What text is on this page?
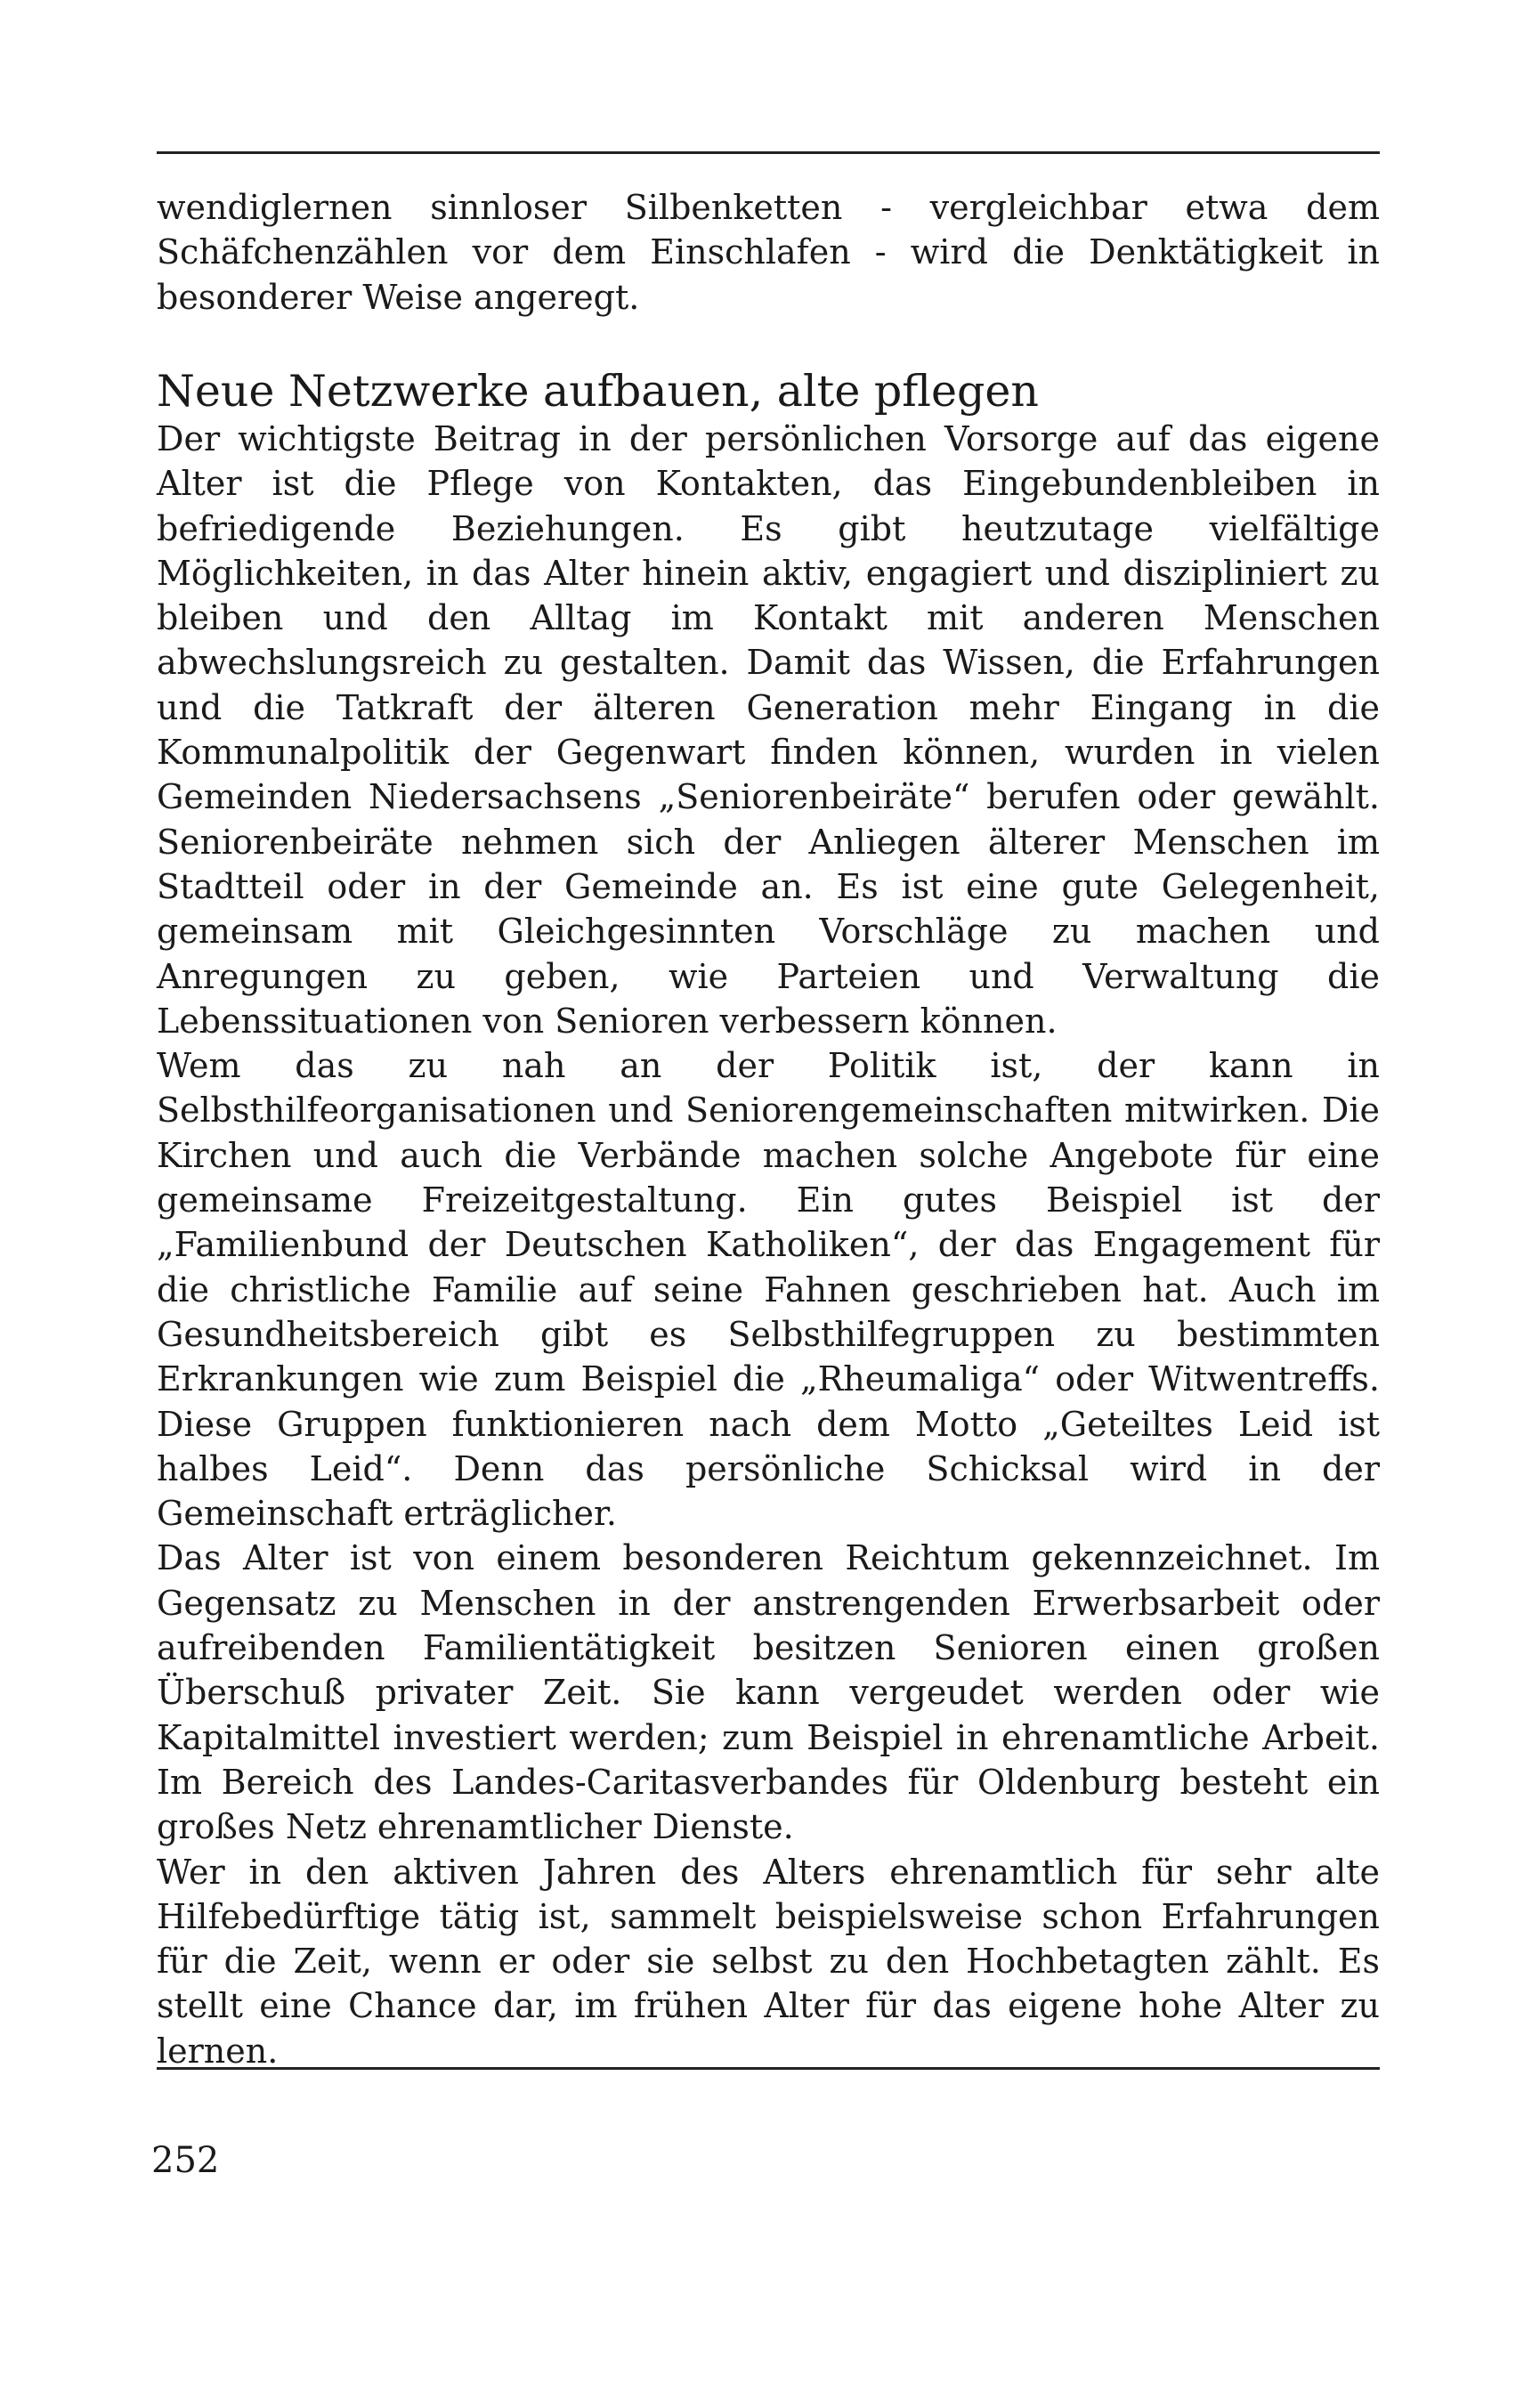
wendiglernen sinnloser Silbenketten - vergleichbar etwa dem Schäfchenzählen vor dem Einschlafen - wird die Denktätigkeit in besonderer Weise angeregt.

Neue Netzwerke aufbauen, alte pflegen

Der wichtigste Beitrag in der persönlichen Vorsorge auf das eigene Alter ist die Pflege von Kontakten, das Eingebundenbleiben in befriedigende Beziehungen. Es gibt heutzutage vielfältige Möglichkeiten, in das Alter hinein aktiv, engagiert und diszipliniert zu bleiben und den Alltag im Kontakt mit anderen Menschen abwechslungsreich zu gestalten. Damit das Wissen, die Erfahrungen und die Tatkraft der älteren Generation mehr Eingang in die Kommunalpolitik der Gegenwart finden können, wurden in vielen Gemeinden Niedersachsens „Seniorenbeiräte“ berufen oder gewählt. Seniorenbeiräte nehmen sich der Anliegen älterer Menschen im Stadtteil oder in der Gemeinde an. Es ist eine gute Gelegenheit, gemeinsam mit Gleichgesinnten Vorschläge zu machen und Anregungen zu geben, wie Parteien und Verwaltung die Lebenssituationen von Senioren verbessern können.

Wem das zu nah an der Politik ist, der kann in Selbsthilfeorganisationen und Seniorengemeinschaften mitwirken. Die Kirchen und auch die Verbände machen solche Angebote für eine gemeinsame Freizeitgestaltung. Ein gutes Beispiel ist der „Familienbund der Deutschen Katholiken“, der das Engagement für die christliche Familie auf seine Fahnen geschrieben hat. Auch im Gesundheitsbereich gibt es Selbsthilfegruppen zu bestimmten Erkrankungen wie zum Beispiel die „Rheumaliga“ oder Witwentreffs. Diese Gruppen funktionieren nach dem Motto „Geteiltes Leid ist halbes Leid“. Denn das persönliche Schicksal wird in der Gemeinschaft erträglicher.

Das Alter ist von einem besonderen Reichtum gekennzeichnet. Im Gegensatz zu Menschen in der anstrengenden Erwerbsarbeit oder aufreibenden Familientätigkeit besitzen Senioren einen großen Überschuß privater Zeit. Sie kann vergeudet werden oder wie Kapitalmittel investiert werden; zum Beispiel in ehrenamtliche Arbeit. Im Bereich des Landes-Caritasverbandes für Oldenburg besteht ein großes Netz ehrenamtlicher Dienste.

Wer in den aktiven Jahren des Alters ehrenamtlich für sehr alte Hilfebedürftige tätig ist, sammelt beispielsweise schon Erfahrungen für die Zeit, wenn er oder sie selbst zu den Hochbetagten zählt. Es stellt eine Chance dar, im frühen Alter für das eigene hohe Alter zu lernen.

252
